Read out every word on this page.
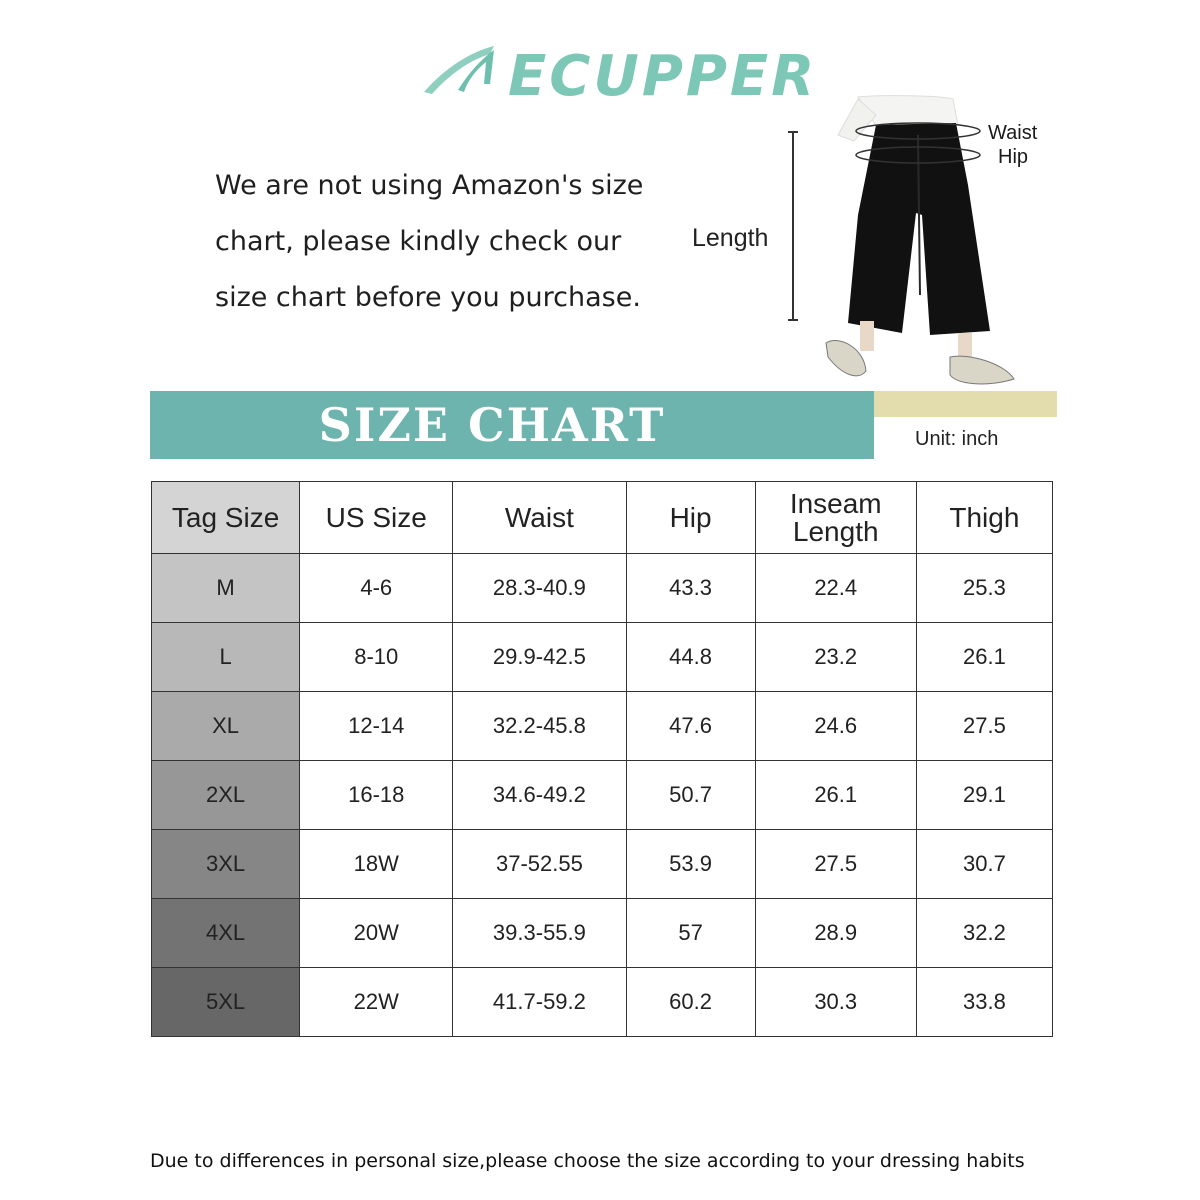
ECUPPER
We are not using Amazon's size
chart, please kindly check our
size chart before you purchase.
Length
Waist
Hip
SIZE CHART	Unit: inch
Tag Size	US Size	Waist	Hip	Inseam Length	Thigh
M	4-6	28.3-40.9	43.3	22.4	25.3
L	8-10	29.9-42.5	44.8	23.2	26.1
XL	12-14	32.2-45.8	47.6	24.6	27.5
2XL	16-18	34.6-49.2	50.7	26.1	29.1
3XL	18W	37-52.55	53.9	27.5	30.7
4XL	20W	39.3-55.9	57	28.9	32.2
5XL	22W	41.7-59.2	60.2	30.3	33.8
Due to differences in personal size,please choose the size according to your dressing habits
